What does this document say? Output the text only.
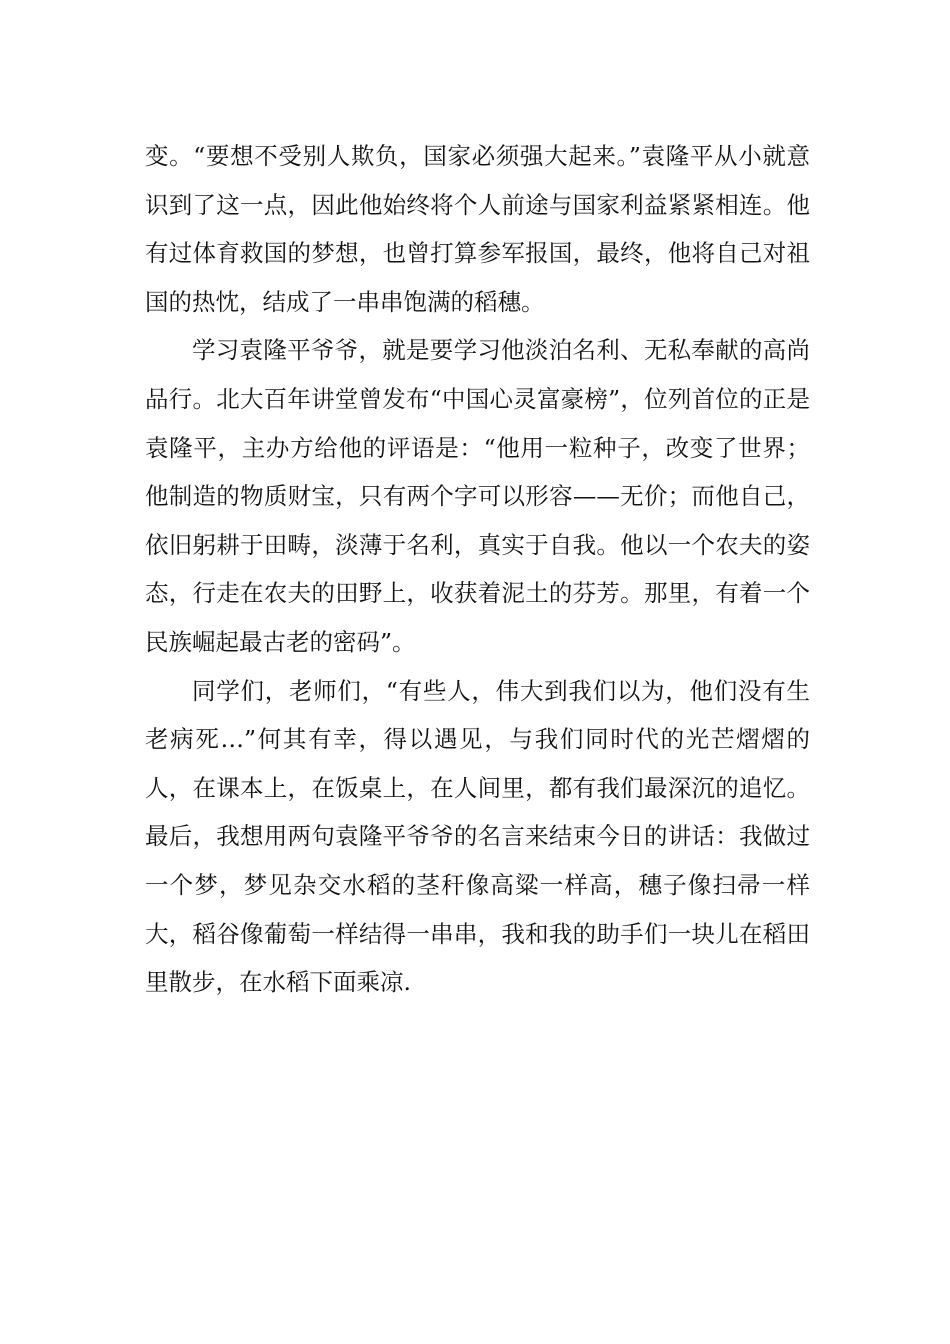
变。“要想不受别人欺负，国家必须强大起来。”袁隆平从小就意识到了这一点，因此他始终将个人前途与国家利益紧紧相连。他有过体育救国的梦想，也曾打算参军报国，最终，他将自己对祖国的热忱，结成了一串串饱满的稻穗。

学习袁隆平爷爷，就是要学习他淡泊名利、无私奉献的高尚品行。北大百年讲堂曾发布“中国心灵富豪榜”，位列首位的正是袁隆平，主办方给他的评语是：“他用一粒种子，改变了世界；他制造的物质财宝，只有两个字可以形容——无价；而他自己，依旧躬耕于田畴，淡薄于名利，真实于自我。他以一个农夫的姿态，行走在农夫的田野上，收获着泥土的芬芳。那里，有着一个民族崛起最古老的密码”。

同学们，老师们，“有些人，伟大到我们以为，他们没有生老病死…”何其有幸，得以遇见，与我们同时代的光芒熠熠的人，在课本上，在饭桌上，在人间里，都有我们最深沉的追忆。最后，我想用两句袁隆平爷爷的名言来结束今日的讲话：我做过一个梦，梦见杂交水稻的茎秆像高粱一样高，穗子像扫帚一样大，稻谷像葡萄一样结得一串串，我和我的助手们一块儿在稻田里散步，在水稻下面乘凉.
